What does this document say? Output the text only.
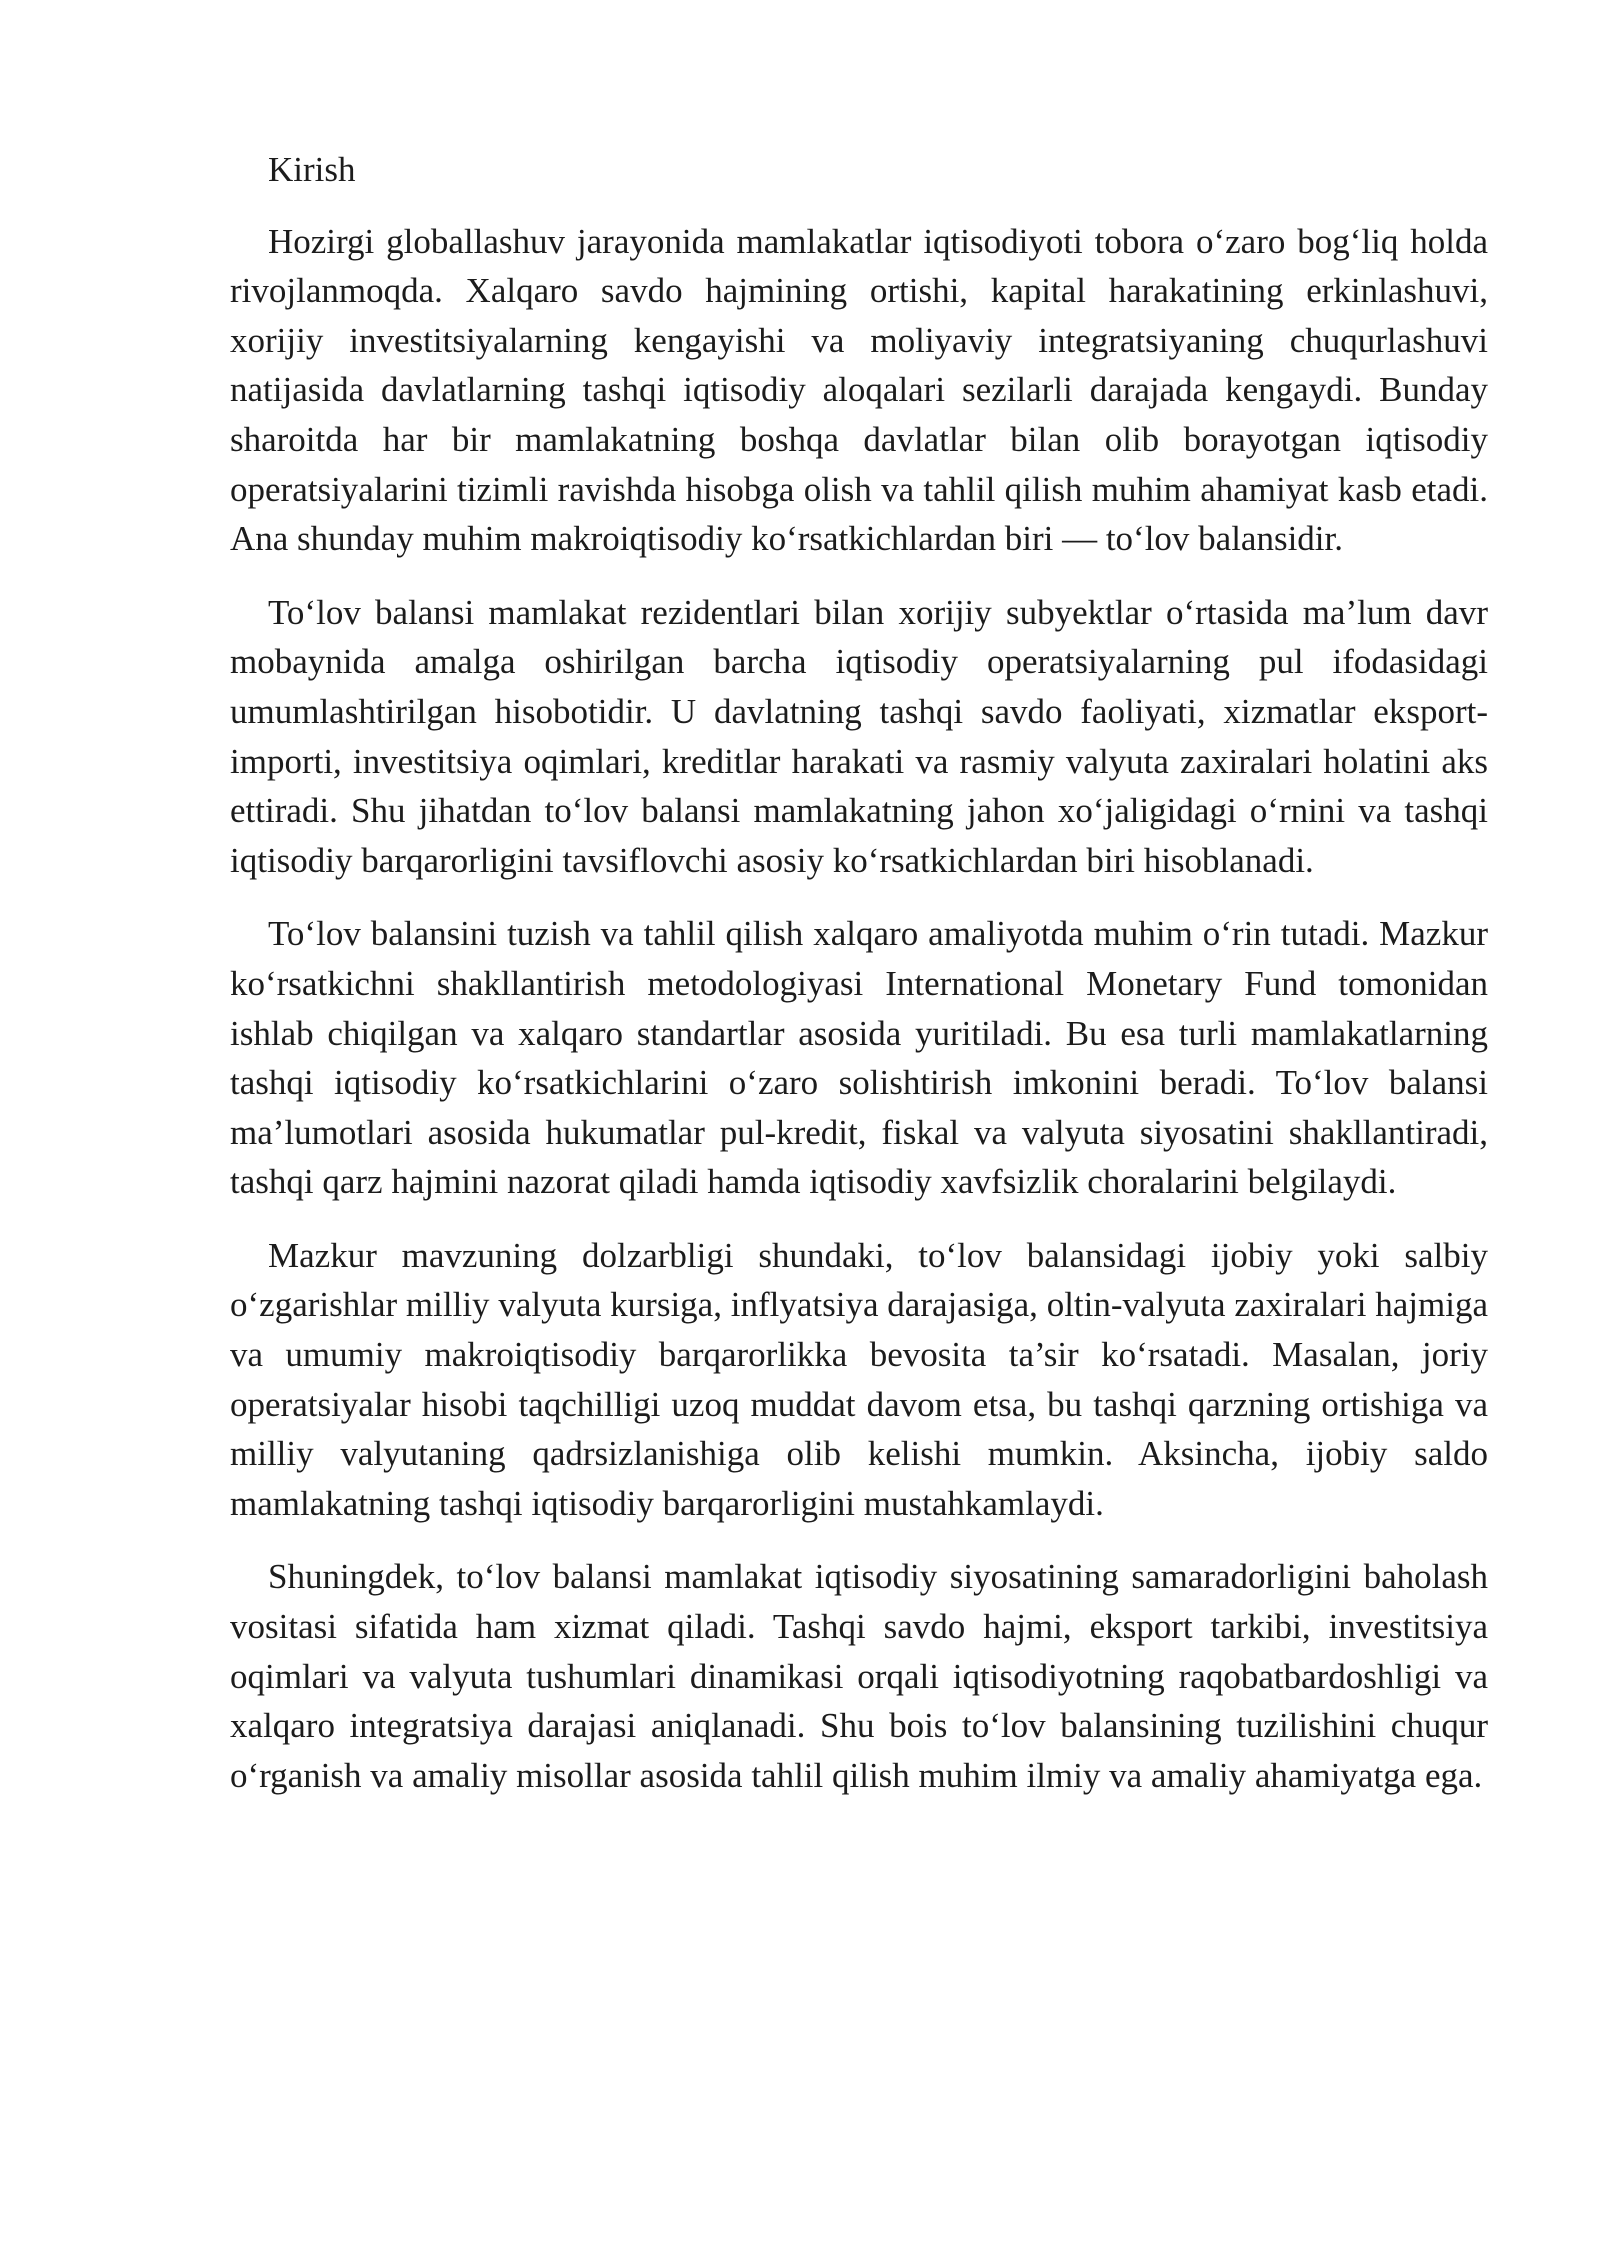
Kirish

Hozirgi globallashuv jarayonida mamlakatlar iqtisodiyoti tobora o‘zaro bog‘liq holda rivojlanmoqda. Xalqaro savdo hajmining ortishi, kapital harakatining erkinlashuvi, xorijiy investitsiyalarning kengayishi va moliyaviy integratsiyaning chuqurlashuvi natijasida davlatlarning tashqi iqtisodiy aloqalari sezilarli darajada kengaydi. Bunday sharoitda har bir mamlakatning boshqa davlatlar bilan olib borayotgan iqtisodiy operatsiyalarini tizimli ravishda hisobga olish va tahlil qilish muhim ahamiyat kasb etadi. Ana shunday muhim makroiqtisodiy ko‘rsatkichlardan biri — to‘lov balansidir.

To‘lov balansi mamlakat rezidentlari bilan xorijiy subyektlar o‘rtasida ma’lum davr mobaynida amalga oshirilgan barcha iqtisodiy operatsiyalarning pul ifodasidagi umumlashtirilgan hisobotidir. U davlatning tashqi savdo faoliyati, xizmatlar eksport-importi, investitsiya oqimlari, kreditlar harakati va rasmiy valyuta zaxiralari holatini aks ettiradi. Shu jihatdan to‘lov balansi mamlakatning jahon xo‘jaligidagi o‘rnini va tashqi iqtisodiy barqarorligini tavsiflovchi asosiy ko‘rsatkichlardan biri hisoblanadi.

To‘lov balansini tuzish va tahlil qilish xalqaro amaliyotda muhim o‘rin tutadi. Mazkur ko‘rsatkichni shakllantirish metodologiyasi International Monetary Fund tomonidan ishlab chiqilgan va xalqaro standartlar asosida yuritiladi. Bu esa turli mamlakatlarning tashqi iqtisodiy ko‘rsatkichlarini o‘zaro solishtirish imkonini beradi. To‘lov balansi ma’lumotlari asosida hukumatlar pul-kredit, fiskal va valyuta siyosatini shakllantiradi, tashqi qarz hajmini nazorat qiladi hamda iqtisodiy xavfsizlik choralarini belgilaydi.

Mazkur mavzuning dolzarbligi shundaki, to‘lov balansidagi ijobiy yoki salbiy o‘zgarishlar milliy valyuta kursiga, inflyatsiya darajasiga, oltin-valyuta zaxiralari hajmiga va umumiy makroiqtisodiy barqarorlikka bevosita ta’sir ko‘rsatadi. Masalan, joriy operatsiyalar hisobi taqchilligi uzoq muddat davom etsa, bu tashqi qarzning ortishiga va milliy valyutaning qadrsizlanishiga olib kelishi mumkin. Aksincha, ijobiy saldo mamlakatning tashqi iqtisodiy barqarorligini mustahkamlaydi.

Shuningdek, to‘lov balansi mamlakat iqtisodiy siyosatining samaradorligini baholash vositasi sifatida ham xizmat qiladi. Tashqi savdo hajmi, eksport tarkibi, investitsiya oqimlari va valyuta tushumlari dinamikasi orqali iqtisodiyotning raqobatbardoshligi va xalqaro integratsiya darajasi aniqlanadi. Shu bois to‘lov balansining tuzilishini chuqur o‘rganish va amaliy misollar asosida tahlil qilish muhim ilmiy va amaliy ahamiyatga ega.
